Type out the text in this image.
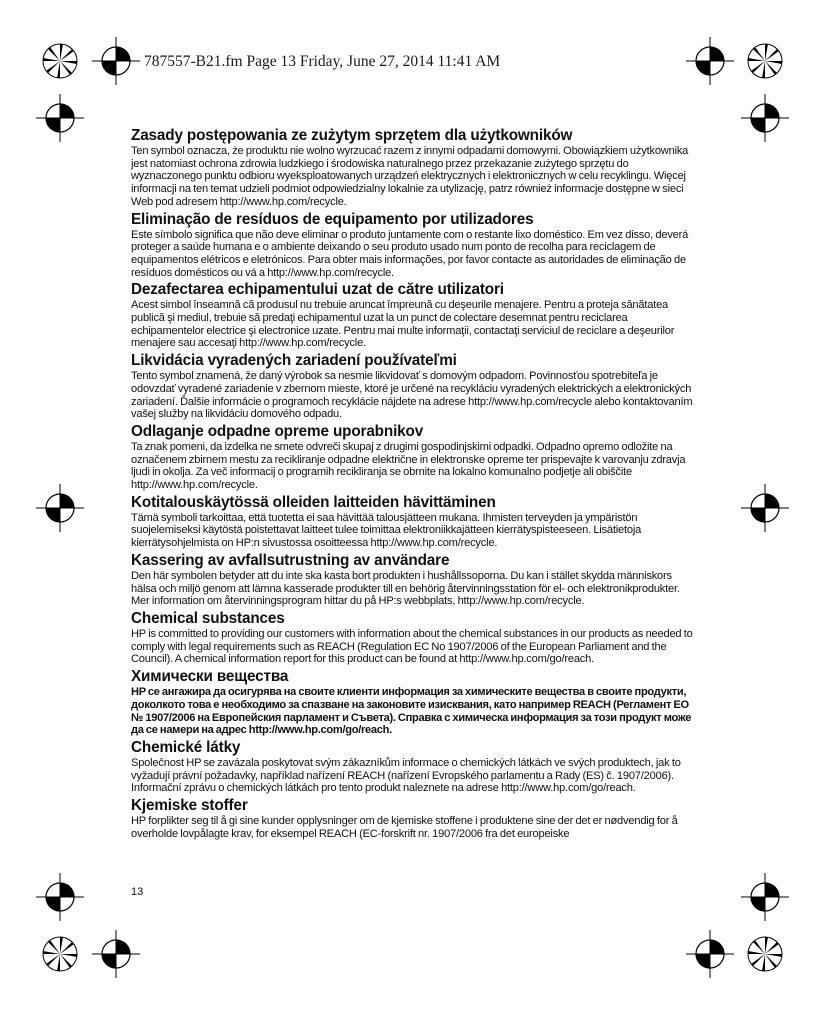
787557-B21.fm Page 13 Friday, June 27, 2014 11:41 AM
Zasady postępowania ze zużytym sprzętem dla użytkowników

Ten symbol oznacza, że produktu nie wolno wyrzucać razem z innymi odpadami domowymi. Obowiązkiem użytkownika jest natomiast ochrona zdrowia ludzkiego i środowiska naturalnego przez przekazanie zużytego sprzętu do wyznaczonego punktu odbioru wyeksploatowanych urządzeń elektrycznych i elektronicznych w celu recyklingu. Więcej informacji na ten temat udzieli podmiot odpowiedzialny lokalnie za utylizację, patrz również informacje dostępne w sieci Web pod adresem http://www.hp.com/recycle.

Eliminação de resíduos de equipamento por utilizadores

Este símbolo significa que não deve eliminar o produto juntamente com o restante lixo doméstico. Em vez disso, deverá proteger a saúde humana e o ambiente deixando o seu produto usado num ponto de recolha para reciclagem de equipamentos elétricos e eletrónicos. Para obter mais informações, por favor contacte as autoridades de eliminação de resíduos domésticos ou vá a http://www.hp.com/recycle.

Dezafectarea echipamentului uzat de către utilizatori

Acest simbol înseamnă că produsul nu trebuie aruncat împreună cu deşeurile menajere. Pentru a proteja sănătatea publică şi mediul, trebuie să predaţi echipamentul uzat la un punct de colectare desemnat pentru reciclarea echipamentelor electrice şi electronice uzate. Pentru mai multe informaţii, contactaţi serviciul de reciclare a deşeurilor menajere sau accesaţi http://www.hp.com/recycle.

Likvidácia vyradených zariadení používateľmi

Tento symbol znamená, že daný výrobok sa nesmie likvidovať s domovým odpadom. Povinnosťou spotrebiteľa je odovzdať vyradené zariadenie v zbernom mieste, ktoré je určené na recykláciu vyradených elektrických a elektronických zariadení. Ďalšie informácie o programoch recyklácie nájdete na adrese http://www.hp.com/recycle alebo kontaktovaním vašej služby na likvidáciu domového odpadu.

Odlaganje odpadne opreme uporabnikov

Ta znak pomeni, da izdelka ne smete odvreči skupaj z drugimi gospodinjskimi odpadki. Odpadno opremo odložite na označenem zbirnem mestu za recikliranje odpadne električne in elektronske opreme ter prispevajte k varovanju zdravja ljudi in okolja. Za več informacij o programih recikliranja se obrnite na lokalno komunalno podjetje ali obiščite http://www.hp.com/recycle.

Kotitalouskäytössä olleiden laitteiden hävittäminen

Tämä symboli tarkoittaa, että tuotetta ei saa hävittää talousjätteen mukana. Ihmisten terveyden ja ympäristön suojelemiseksi käytöstä poistettavat laitteet tulee toimittaa elektroniikkajätteen kierrätyspisteeseen. Lisätietoja kierrätysohjelmista on HP:n sivustossa osoitteessa http://www.hp.com/recycle.

Kassering av avfallsutrustning av användare

Den här symbolen betyder att du inte ska kasta bort produkten i hushållssoporna. Du kan i stället skydda människors hälsa och miljö genom att lämna kasserade produkter till en behörig återvinningsstation för el- och elektronikprodukter. Mer information om återvinningsprogram hittar du på HP:s webbplats, http://www.hp.com/recycle.

Chemical substances

HP is committed to providing our customers with information about the chemical substances in our products as needed to comply with legal requirements such as REACH (Regulation EC No 1907/2006 of the European Parliament and the Council). A chemical information report for this product can be found at http://www.hp.com/go/reach.

Химически вещества

HP се ангажира да осигурява на своите клиенти информация за химическите вещества в своите продукти, доколкото това е необходимо за спазване на законовите изисквания, като например REACH (Регламент ЕО № 1907/2006 на Европейския парламент и Съвета). Справка с химическа информация за този продукт може да се намери на адрес http://www.hp.com/go/reach.

Chemické látky

Společnost HP se zavázala poskytovat svým zákazníkům informace o chemických látkách ve svých produktech, jak to vyžadují právní požadavky, například nařízení REACH (nařízení Evropského parlamentu a Rady (ES) č. 1907/2006). Informační zprávu o chemických látkách pro tento produkt naleznete na adrese http://www.hp.com/go/reach.

Kjemiske stoffer

HP forplikter seg til å gi sine kunder opplysninger om de kjemiske stoffene i produktene sine der det er nødvendig for å overholde lovpålagte krav, for eksempel REACH (EC-forskrift nr. 1907/2006 fra det europeiske

13
